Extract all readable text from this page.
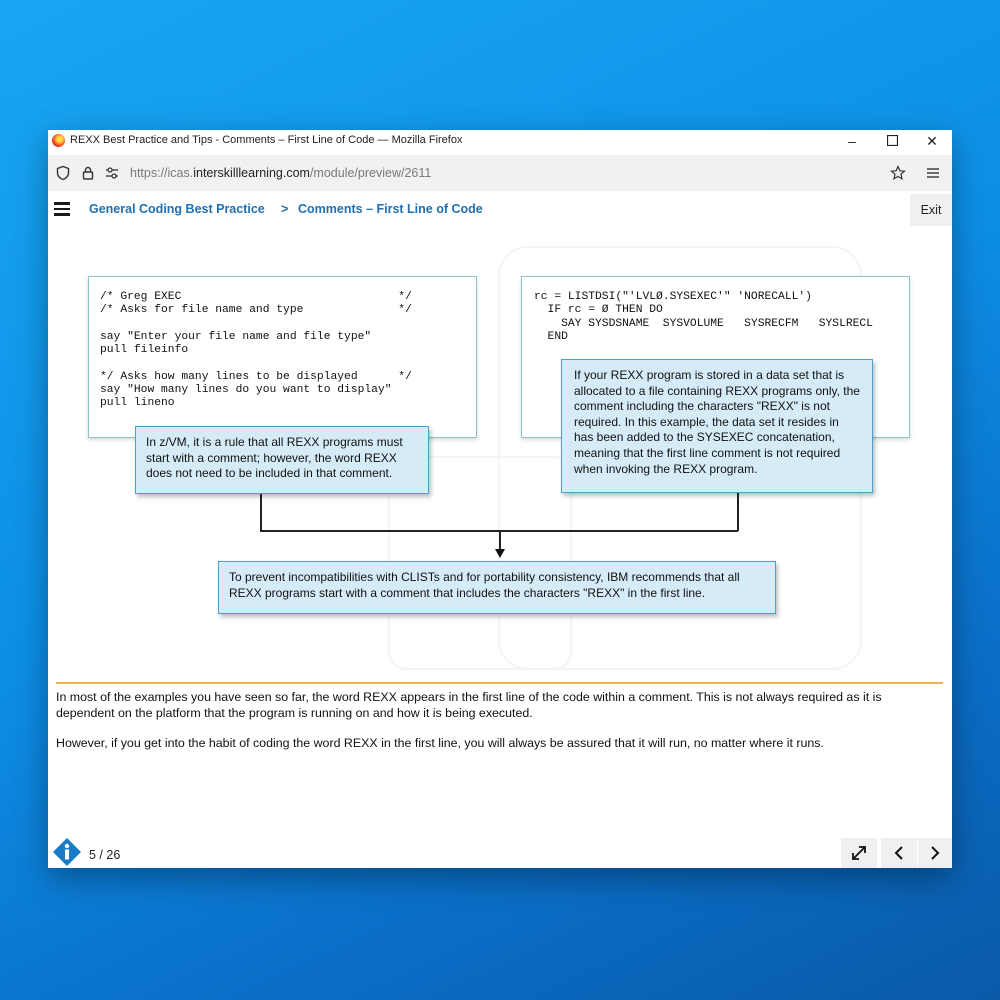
REXX Best Practice and Tips - Comments – First Line of Code — Mozilla Firefox	–	✕
https://icas.interskilllearning.com/module/preview/2611
General Coding Best Practice > Comments – First Line of Code	Exit

/* Greg EXEC                                */
/* Asks for file name and type              */

say "Enter your file name and file type"
pull fileinfo

*/ Asks how many lines to be displayed      */
say "How many lines do you want to display"
pull lineno

rc = LISTDSI("'LVLØ.SYSEXEC'" 'NORECALL')
IF rc = Ø THEN DO
SAY SYSDSNAME  SYSVOLUME   SYSRECFM   SYSLRECL
END

In z/VM, it is a rule that all REXX programs must start with a comment; however, the word REXX does not need to be included in that comment.
If your REXX program is stored in a data set that is allocated to a file containing REXX programs only, the comment including the characters "REXX" is not required. In this example, the data set it resides in has been added to the SYSEXEC concatenation, meaning that the first line comment is not required when invoking the REXX program.
To prevent incompatibilities with CLISTs and for portability consistency, IBM recommends that all REXX programs start with a comment that includes the characters "REXX" in the first line.
In most of the examples you have seen so far, the word REXX appears in the first line of the code within a comment. This is not always required as it is dependent on the platform that the program is running on and how it is being executed.
However, if you get into the habit of coding the word REXX in the first line, you will always be assured that it will run, no matter where it runs.
5 / 26
